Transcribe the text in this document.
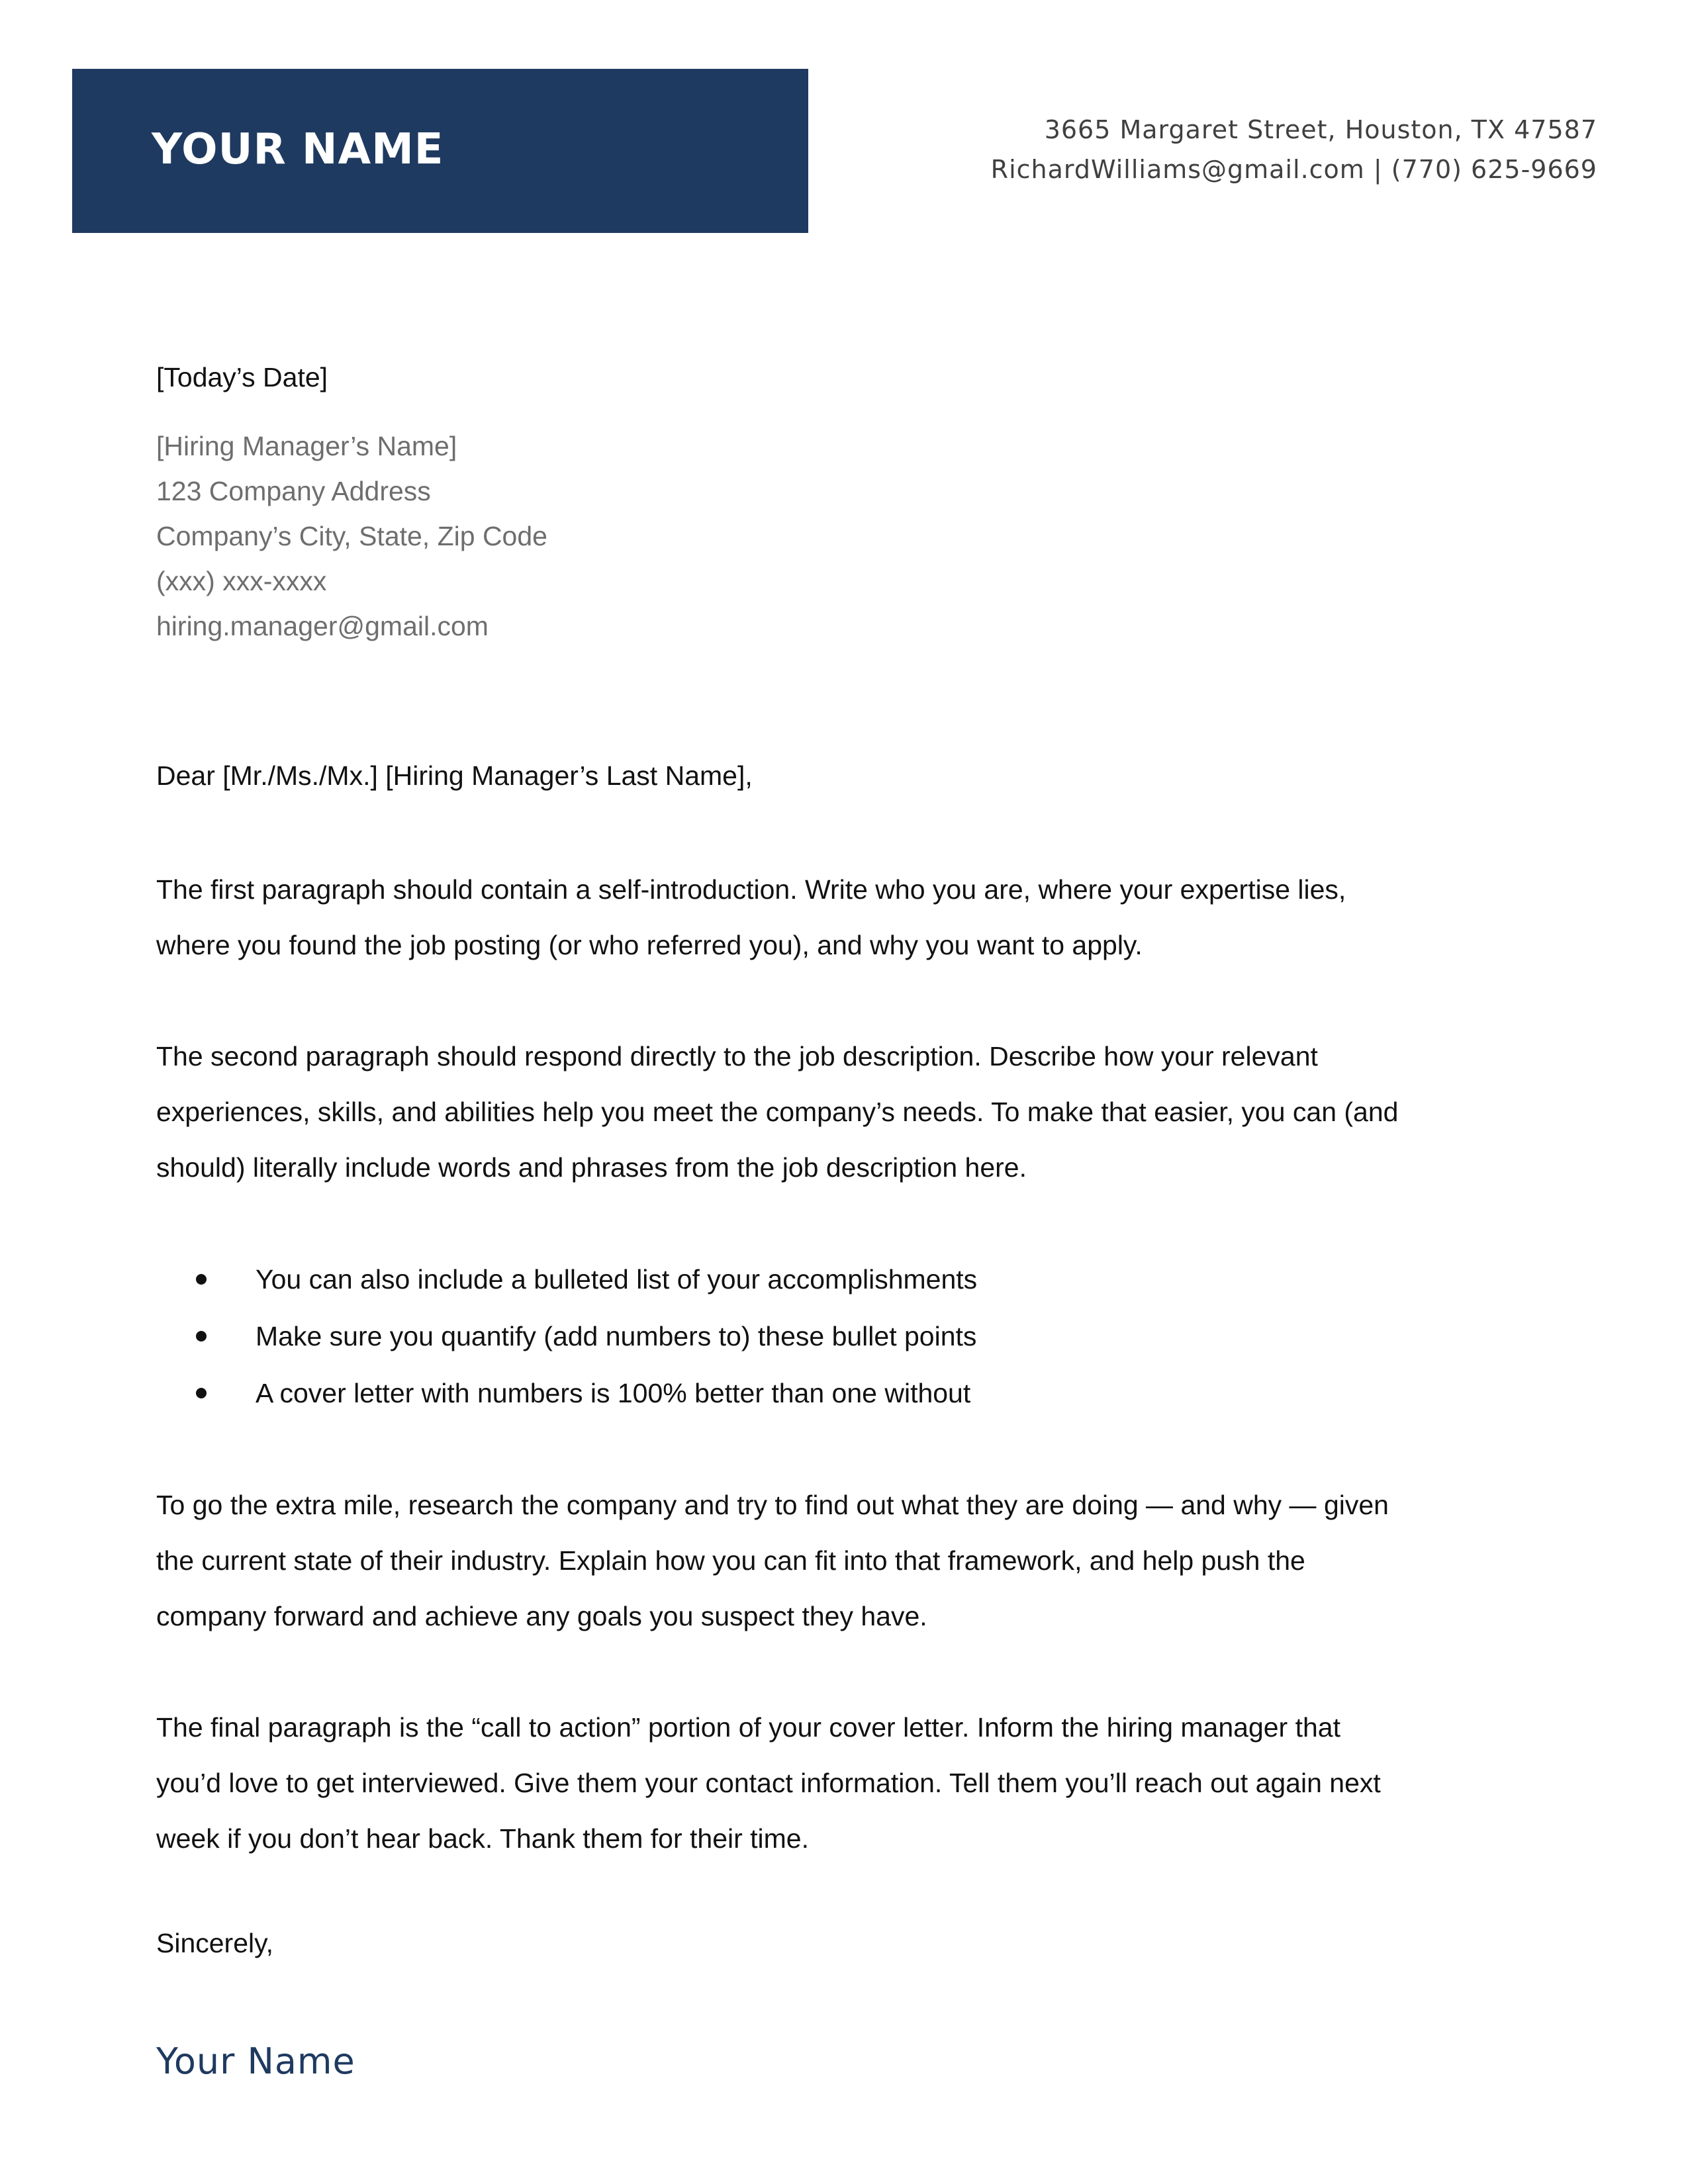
YOUR NAME	3665 Margaret Street, Houston, TX 47587
RichardWilliams@gmail.com | (770) 625-9669
[Today’s Date]
[Hiring Manager’s Name]
123 Company Address
Company’s City, State, Zip Code
(xxx) xxx-xxxx
hiring.manager@gmail.com
Dear [Mr./Ms./Mx.] [Hiring Manager’s Last Name],
The first paragraph should contain a self-introduction. Write who you are, where your expertise lies,
where you found the job posting (or who referred you), and why you want to apply.
The second paragraph should respond directly to the job description. Describe how your relevant
experiences, skills, and abilities help you meet the company’s needs. To make that easier, you can (and
should) literally include words and phrases from the job description here.
You can also include a bulleted list of your accomplishments
Make sure you quantify (add numbers to) these bullet points
A cover letter with numbers is 100% better than one without
To go the extra mile, research the company and try to find out what they are doing — and why — given
the current state of their industry. Explain how you can fit into that framework, and help push the
company forward and achieve any goals you suspect they have.
The final paragraph is the “call to action” portion of your cover letter. Inform the hiring manager that
you’d love to get interviewed. Give them your contact information. Tell them you’ll reach out again next
week if you don’t hear back. Thank them for their time.
Sincerely,
Your Name
